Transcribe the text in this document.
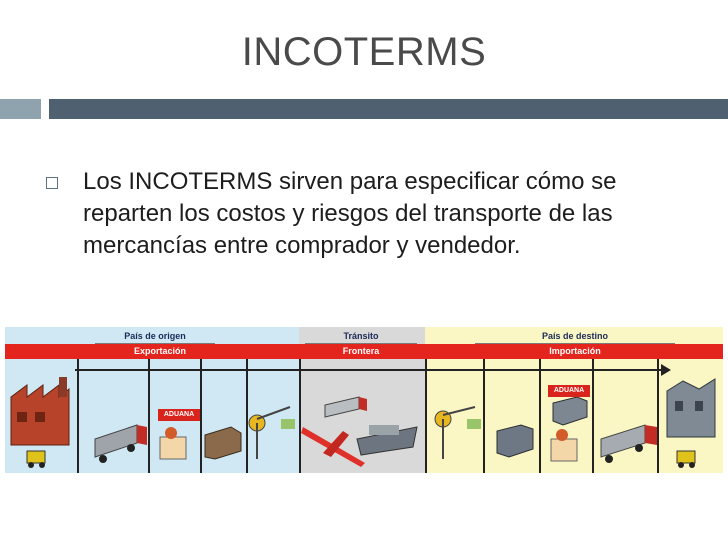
INCOTERMS
Los INCOTERMS sirven para especificar cómo se reparten los costos y riesgos del transporte de las mercancías entre comprador y vendedor.
País de origen	Tránsito	País de destino
Exportación	Frontera	Importación
ADUANA
ADUANA
